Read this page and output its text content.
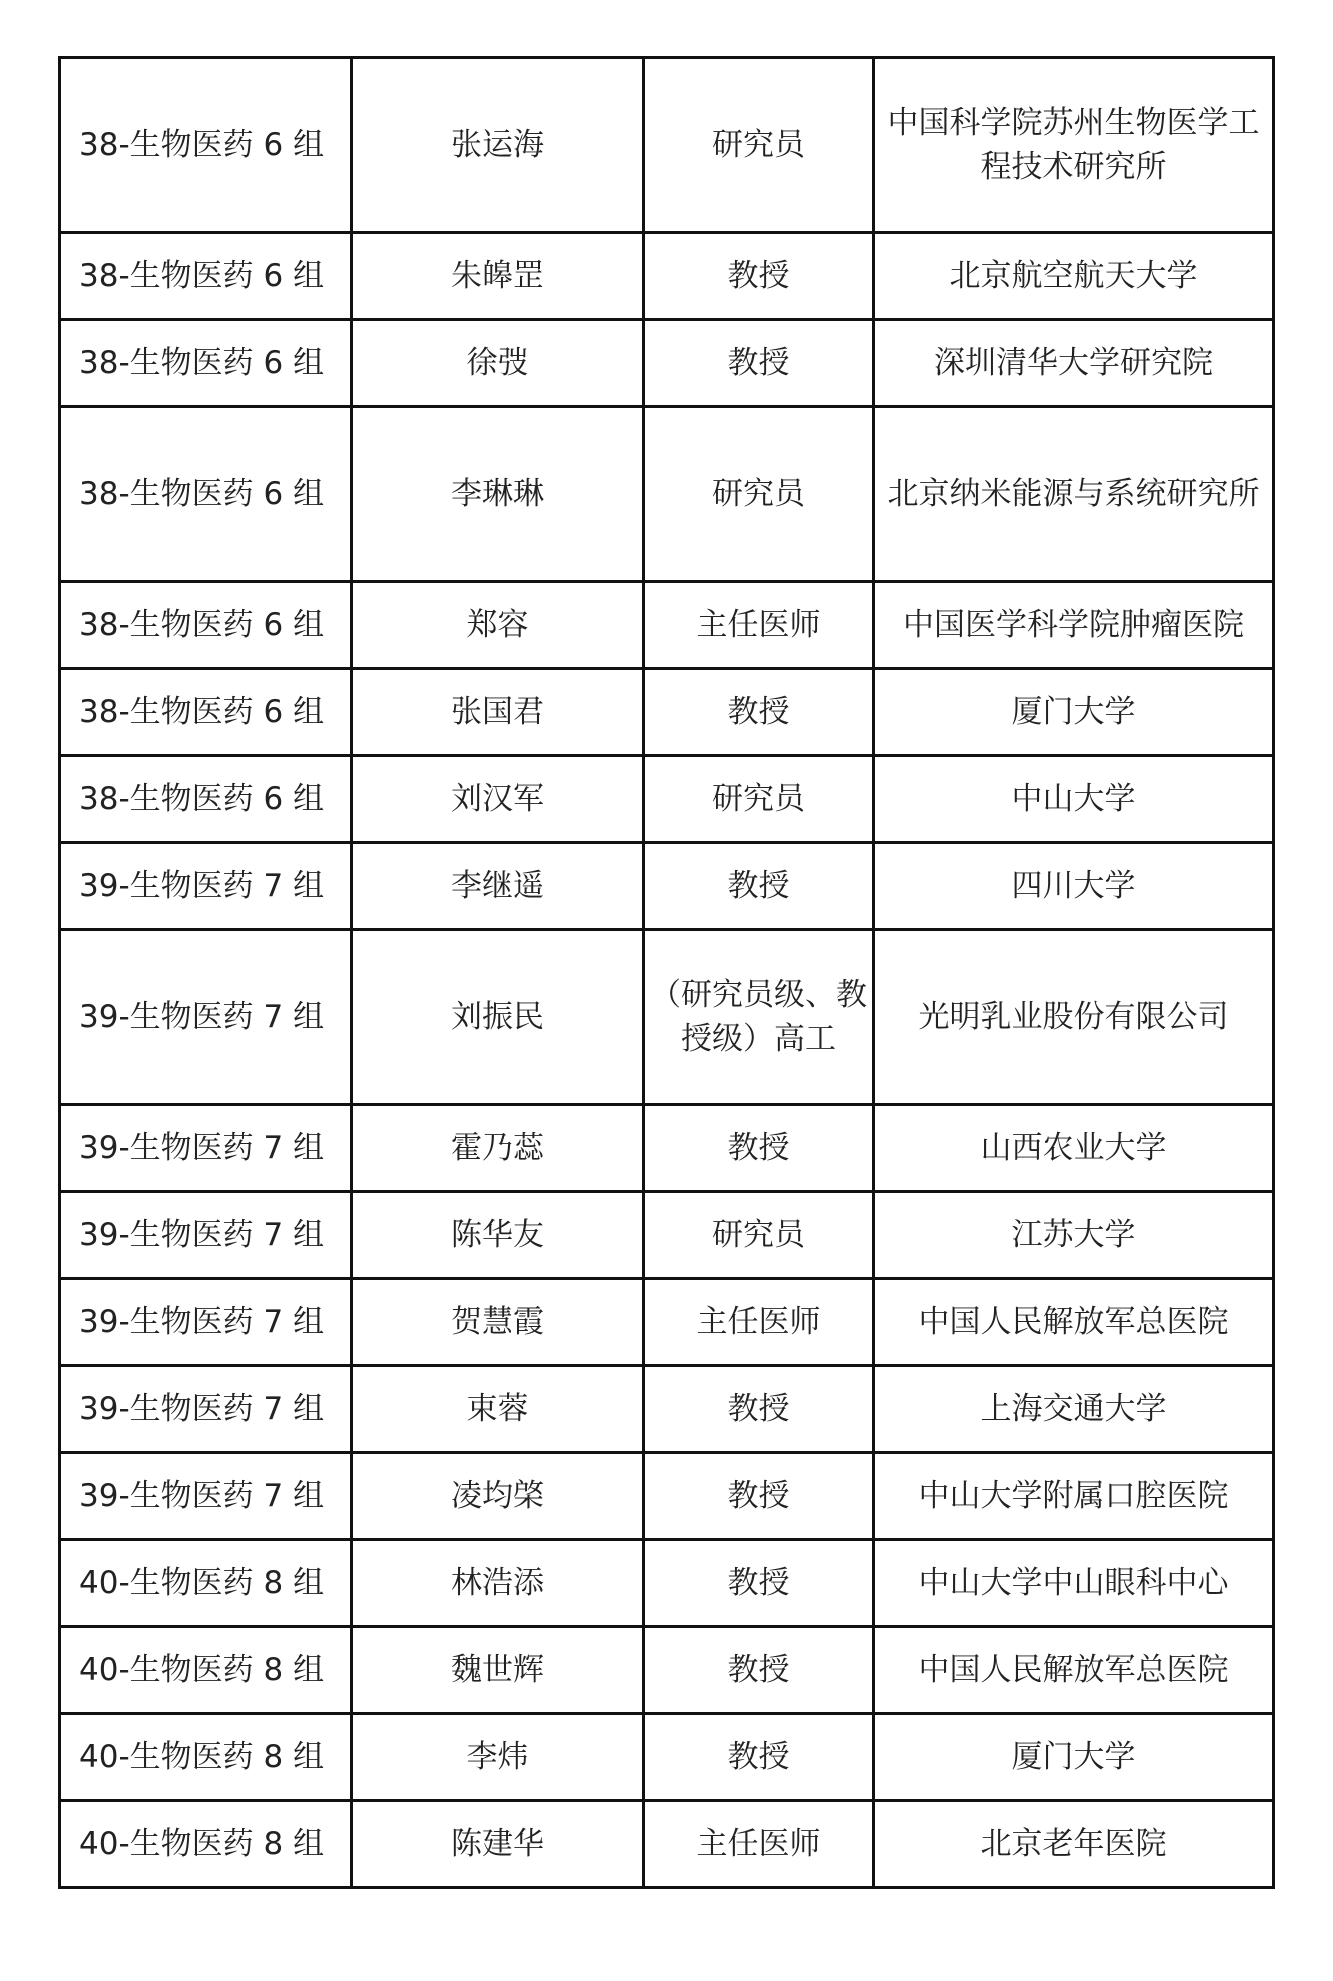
38-生物医药 6 组	张运海	研究员	中国科学院苏州生物医学工程技术研究所
38-生物医药 6 组	朱皞罡	教授	北京航空航天大学
38-生物医药 6 组	徐弢	教授	深圳清华大学研究院
38-生物医药 6 组	李琳琳	研究员	北京纳米能源与系统研究所
38-生物医药 6 组	郑容	主任医师	中国医学科学院肿瘤医院
38-生物医药 6 组	张国君	教授	厦门大学
38-生物医药 6 组	刘汉军	研究员	中山大学
39-生物医药 7 组	李继遥	教授	四川大学
39-生物医药 7 组	刘振民	（研究员级、教授级）高工	光明乳业股份有限公司
39-生物医药 7 组	霍乃蕊	教授	山西农业大学
39-生物医药 7 组	陈华友	研究员	江苏大学
39-生物医药 7 组	贺慧霞	主任医师	中国人民解放军总医院
39-生物医药 7 组	束蓉	教授	上海交通大学
39-生物医药 7 组	凌均棨	教授	中山大学附属口腔医院
40-生物医药 8 组	林浩添	教授	中山大学中山眼科中心
40-生物医药 8 组	魏世辉	教授	中国人民解放军总医院
40-生物医药 8 组	李炜	教授	厦门大学
40-生物医药 8 组	陈建华	主任医师	北京老年医院
